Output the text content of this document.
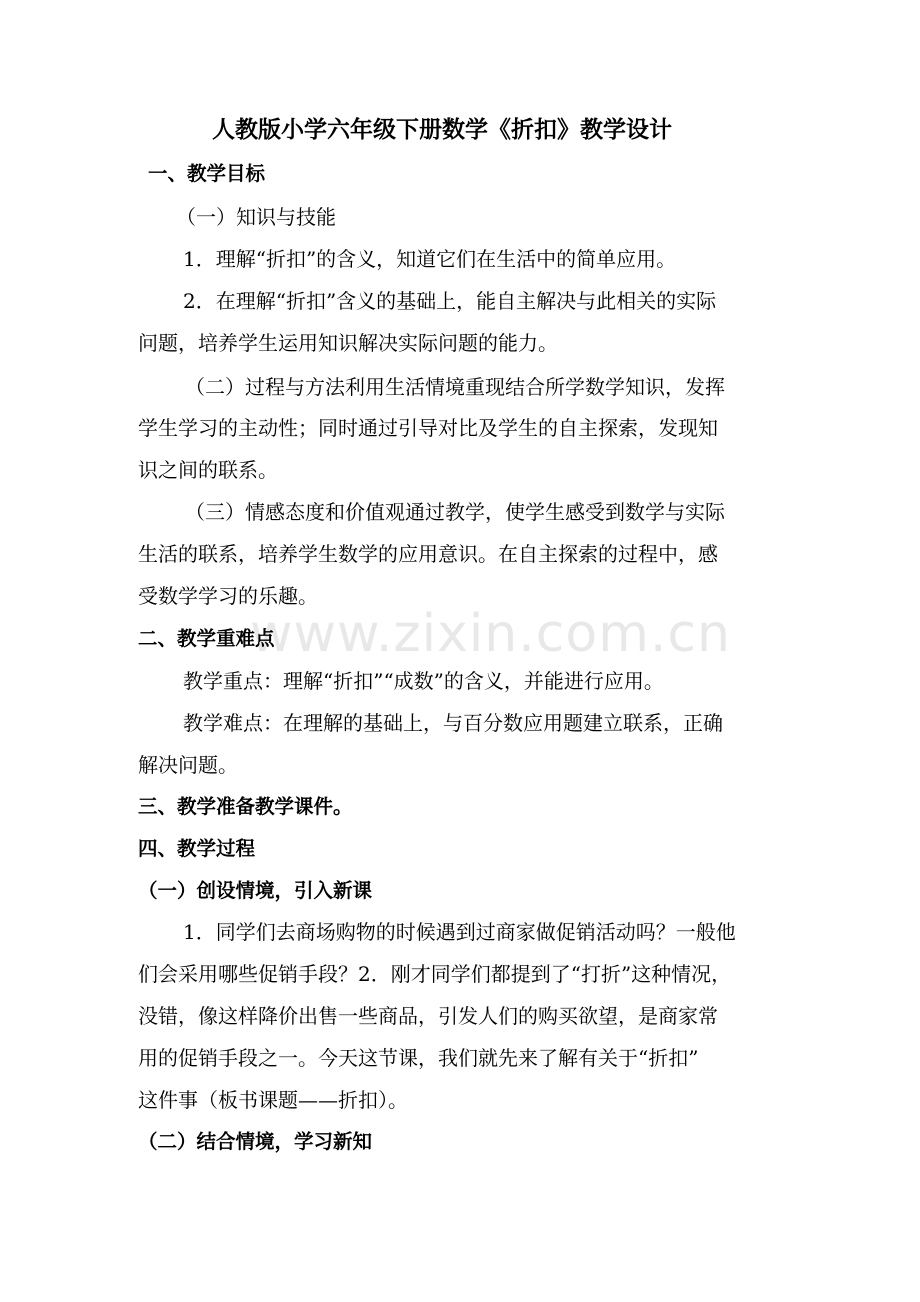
www.zixin.com.cn
人教版小学六年级下册数学《折扣》教学设计
一、教学目标
（一）知识与技能
1．理解“折扣”的含义，知道它们在生活中的简单应用。
2．在理解“折扣”含义的基础上，能自主解决与此相关的实际
问题，培养学生运用知识解决实际问题的能力。
（二）过程与方法利用生活情境重现结合所学数学知识，发挥
学生学习的主动性；同时通过引导对比及学生的自主探索，发现知
识之间的联系。
（三）情感态度和价值观通过教学，使学生感受到数学与实际
生活的联系，培养学生数学的应用意识。在自主探索的过程中，感
受数学学习的乐趣。
二、教学重难点
教学重点：理解“折扣”“成数”的含义，并能进行应用。
教学难点：在理解的基础上，与百分数应用题建立联系，正确
解决问题。
三、教学准备教学课件。
四、教学过程
（一）创设情境，引入新课
1．同学们去商场购物的时候遇到过商家做促销活动吗？一般他
们会采用哪些促销手段？2．刚才同学们都提到了“打折”这种情况，
没错，像这样降价出售一些商品，引发人们的购买欲望，是商家常
用的促销手段之一。今天这节课，我们就先来了解有关于“折扣”
这件事（板书课题——折扣）。
（二）结合情境，学习新知
